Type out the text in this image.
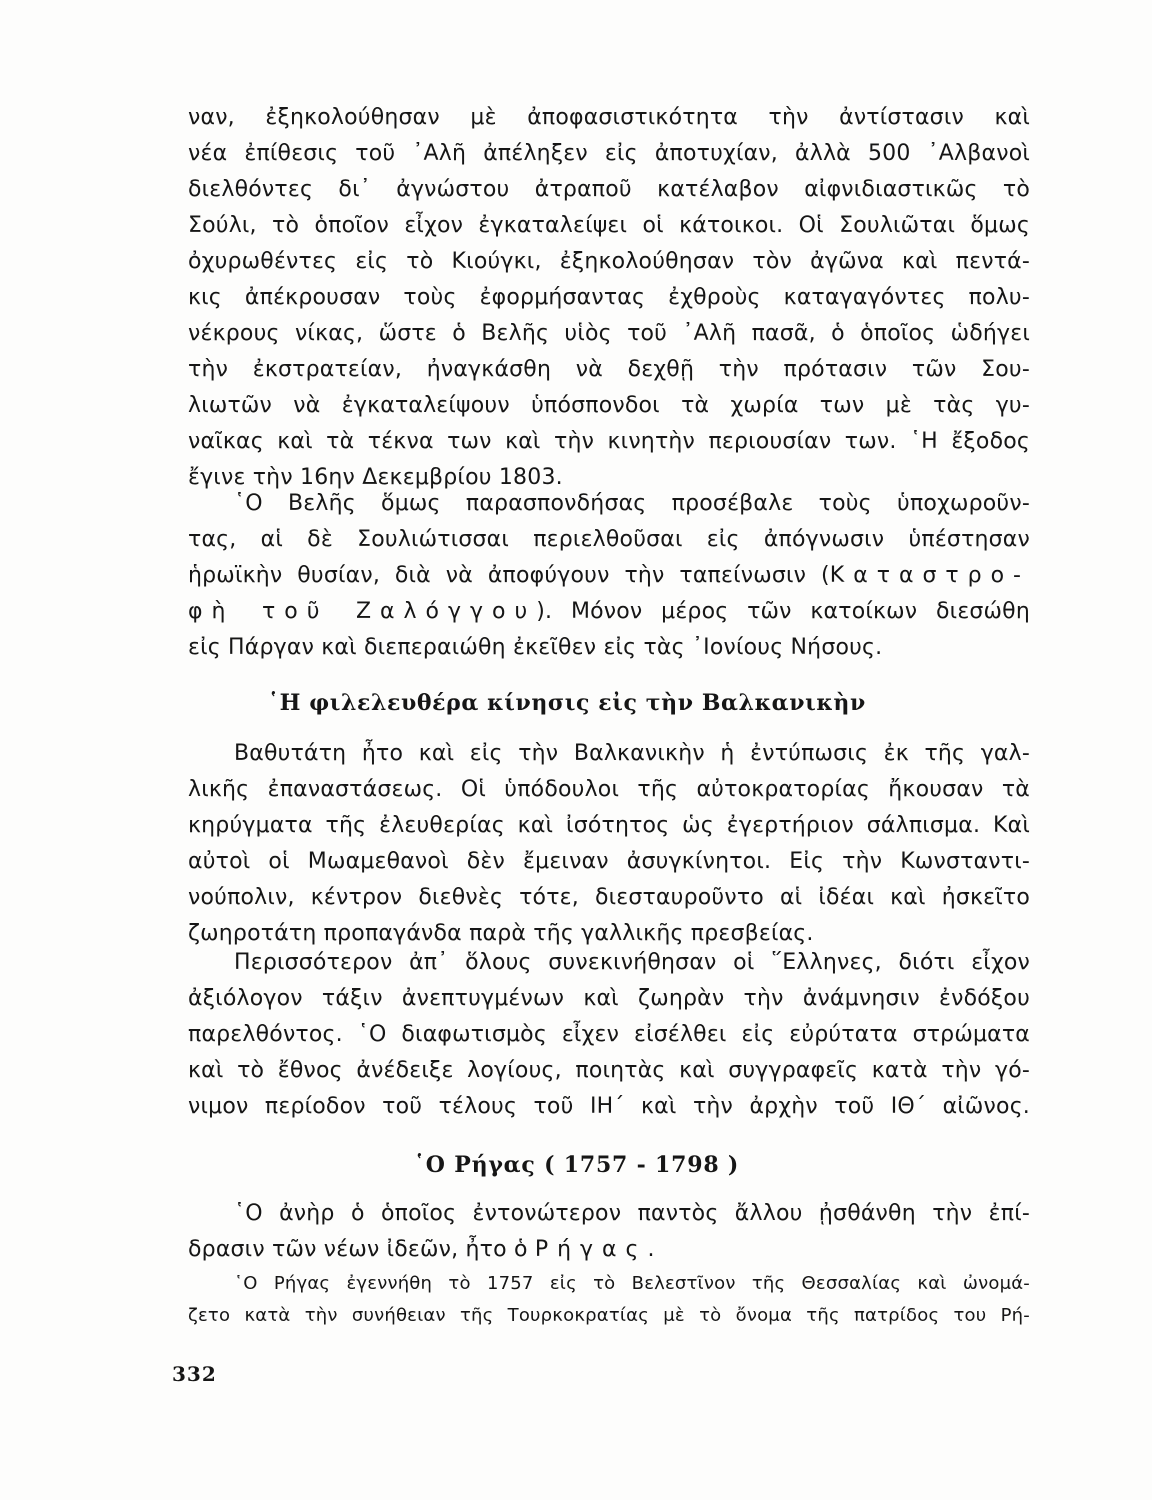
ναν, ἐξηκολούθησαν μὲ ἀποφασιστικότητα τὴν ἀντίστασιν καὶ
νέα ἐπίθεσις τοῦ ᾿Αλῆ ἀπέληξεν εἰς ἀποτυχίαν, ἀλλὰ 500 ᾿Αλβανοὶ
διελθόντες δι᾿ ἀγνώστου ἀτραποῦ κατέλαβον αἰφνιδιαστικῶς τὸ
Σούλι, τὸ ὁποῖον εἶχον ἐγκαταλείψει οἱ κάτοικοι. Οἱ Σουλιῶται ὅμως
ὀχυρωθέντες εἰς τὸ Κιούγκι, ἐξηκολούθησαν τὸν ἀγῶνα καὶ πεντά-
κις ἀπέκρουσαν τοὺς ἐφορμήσαντας ἐχθροὺς καταγαγόντες πολυ-
νέκρους νίκας, ὥστε ὁ Βελῆς υἱὸς τοῦ ᾿Αλῆ πασᾶ, ὁ ὁποῖος ὡδήγει
τὴν ἐκστρατείαν, ἠναγκάσθη νὰ δεχθῇ τὴν πρότασιν τῶν Σου-
λιωτῶν νὰ ἐγκαταλείψουν ὑπόσπονδοι τὰ χωρία των μὲ τὰς γυ-
ναῖκας καὶ τὰ τέκνα των καὶ τὴν κινητὴν περιουσίαν των. ῾Η ἔξοδος
ἔγινε τὴν 16ην Δεκεμβρίου 1803.
῾Ο Βελῆς ὅμως παρασπονδήσας προσέβαλε τοὺς ὑποχωροῦν-
τας, αἱ δὲ Σουλιώτισσαι περιελθοῦσαι εἰς ἀπόγνωσιν ὑπέστησαν
ἡρωϊκὴν θυσίαν, διὰ νὰ ἀποφύγουν τὴν ταπείνωσιν (Καταστρο-
φὴ τοῦ Ζαλόγγου). Μόνον μέρος τῶν κατοίκων διεσώθη
εἰς Πάργαν καὶ διεπεραιώθη ἐκεῖθεν εἰς τὰς ᾿Ιονίους Νήσους.
῾Η φιλελευθέρα κίνησις εἰς τὴν Βαλκανικὴν
Βαθυτάτη ἦτο καὶ εἰς τὴν Βαλκανικὴν ἡ ἐντύπωσις ἐκ τῆς γαλ-
λικῆς ἐπαναστάσεως. Οἱ ὑπόδουλοι τῆς αὐτοκρατορίας ἤκουσαν τὰ
κηρύγματα τῆς ἐλευθερίας καὶ ἰσότητος ὡς ἐγερτήριον σάλπισμα. Καὶ
αὐτοὶ οἱ Μωαμεθανοὶ δὲν ἔμειναν ἀσυγκίνητοι. Εἰς τὴν Κωνσταντι-
νούπολιν, κέντρον διεθνὲς τότε, διεσταυροῦντο αἱ ἰδέαι καὶ ἠσκεῖτο
ζωηροτάτη προπαγάνδα παρὰ τῆς γαλλικῆς πρεσβείας.
Περισσότερον ἀπ᾿ ὅλους συνεκινήθησαν οἱ ῞Ελληνες, διότι εἶχον
ἀξιόλογον τάξιν ἀνεπτυγμένων καὶ ζωηρὰν τὴν ἀνάμνησιν ἐνδόξου
παρελθόντος. ῾Ο διαφωτισμὸς εἶχεν εἰσέλθει εἰς εὐρύτατα στρώματα
καὶ τὸ ἔθνος ἀνέδειξε λογίους, ποιητὰς καὶ συγγραφεῖς κατὰ τὴν γό-
νιμον περίοδον τοῦ τέλους τοῦ ΙΗ΄ καὶ τὴν ἀρχὴν τοῦ ΙΘ΄ αἰῶνος.
῾Ο Ρήγας ( 1757 - 1798 )
῾Ο ἀνὴρ ὁ ὁποῖος ἐντονώτερον παντὸς ἄλλου ᾐσθάνθη τὴν ἐπί-
δρασιν τῶν νέων ἰδεῶν, ἦτο ὁ Ρήγας.
῾Ο Ρήγας ἐγεννήθη τὸ 1757 εἰς τὸ Βελεστῖνον τῆς Θεσσαλίας καὶ ὠνομά-
ζετο κατὰ τὴν συνήθειαν τῆς Τουρκοκρατίας μὲ τὸ ὄνομα τῆς πατρίδος του Ρή-
332
